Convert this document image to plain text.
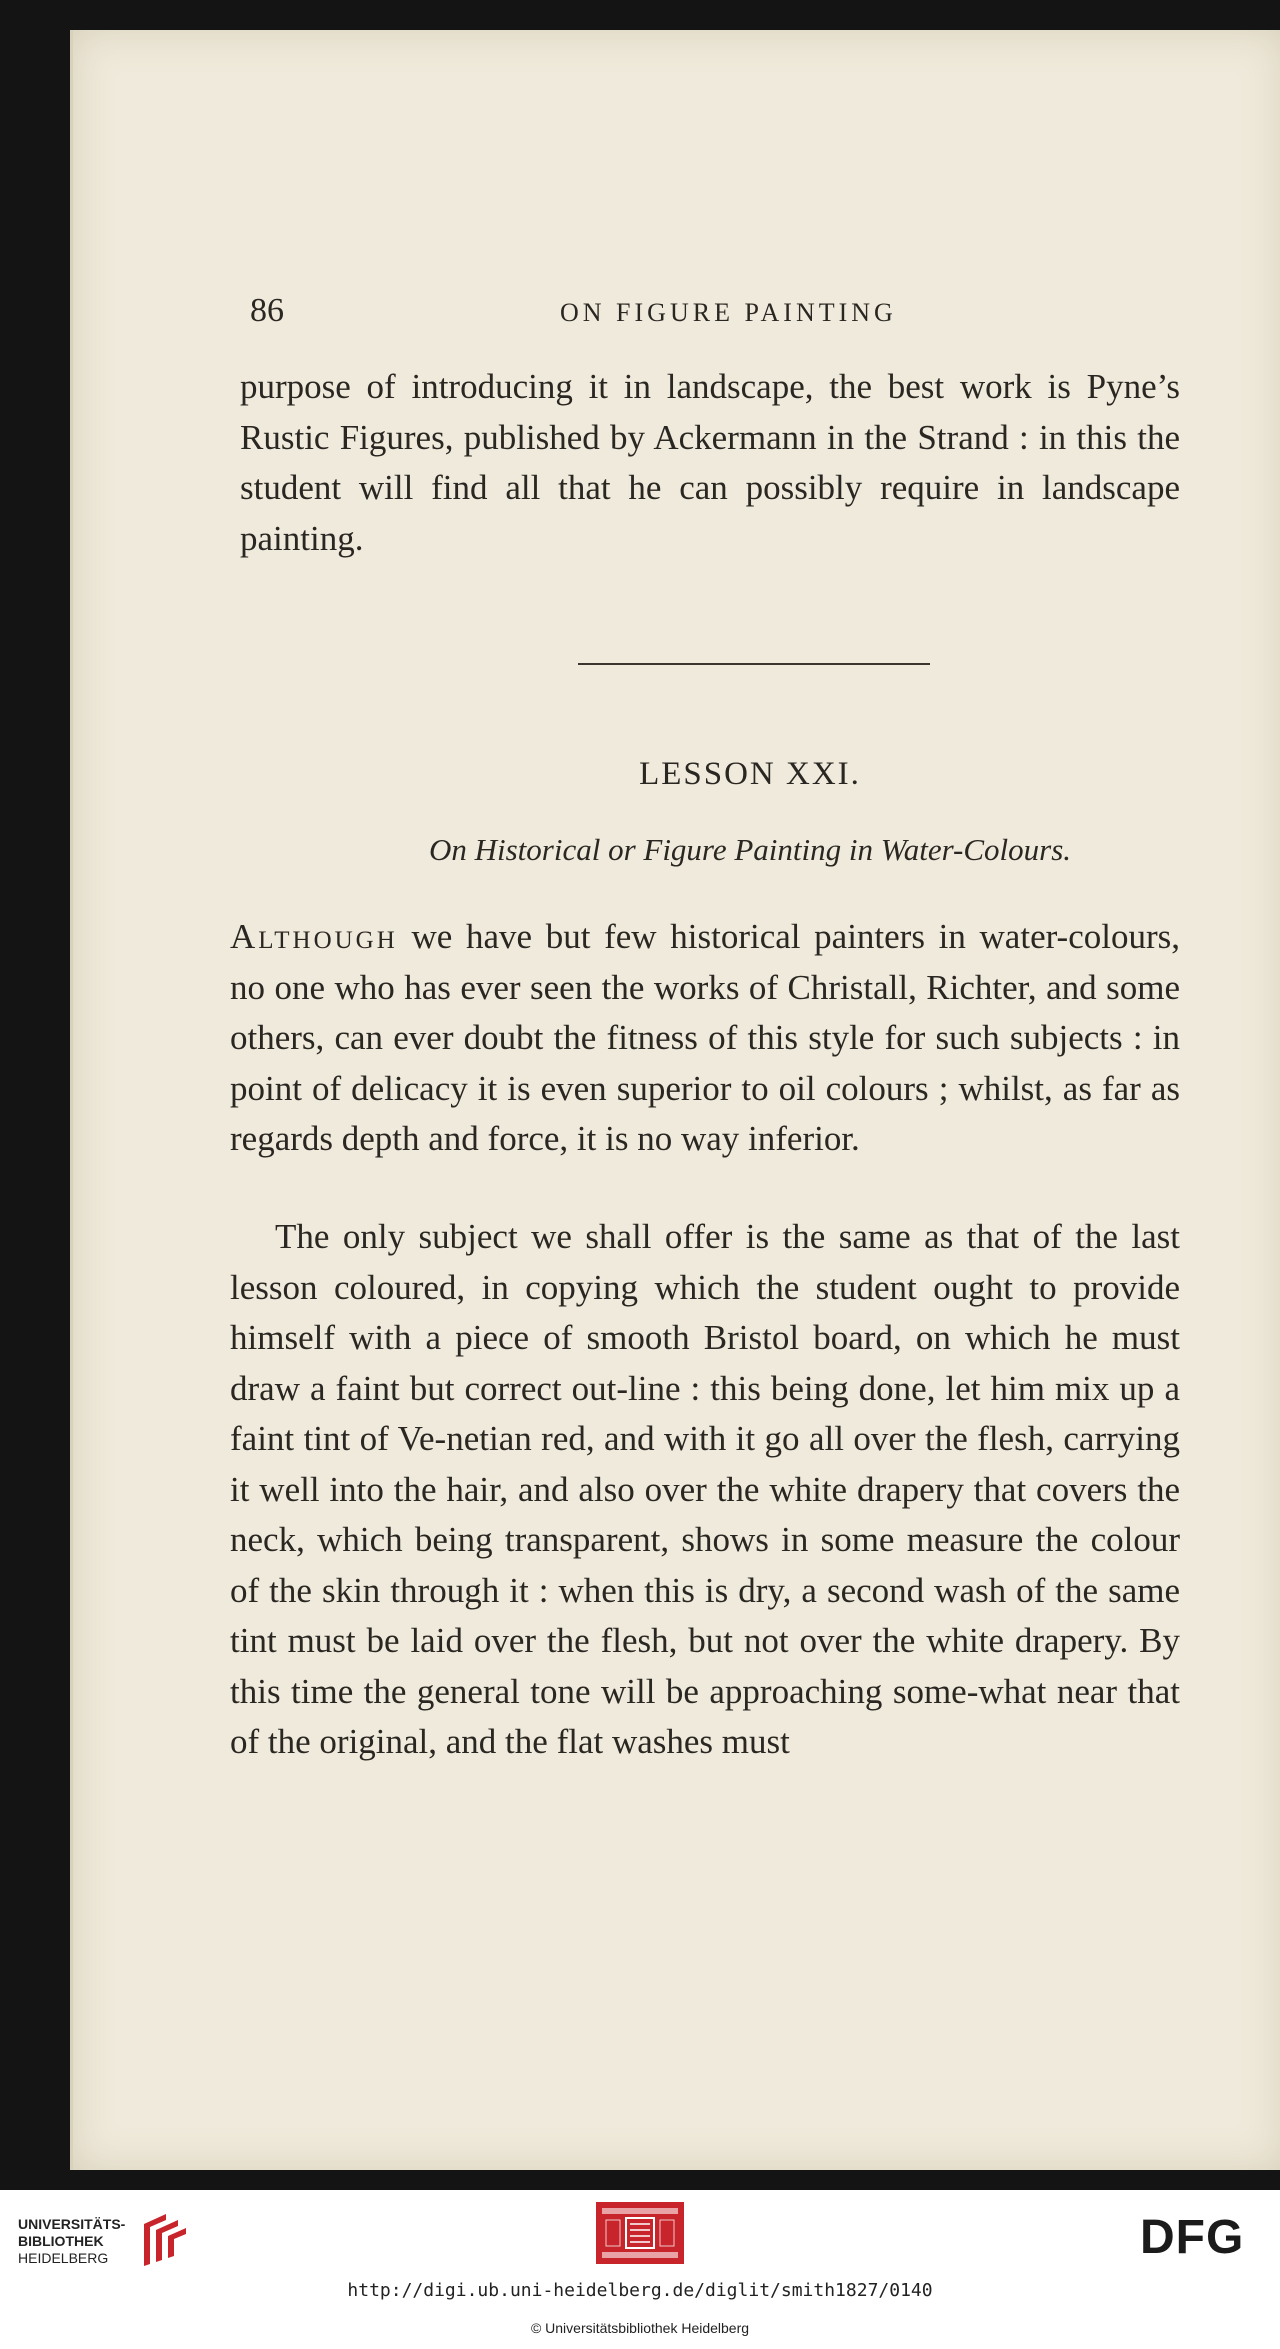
86	ON FIGURE PAINTING

purpose of introducing it in landscape, the best work is Pyne’s Rustic Figures, published by Ackermann in the Strand : in this the student will find all that he can possibly require in landscape painting.

LESSON XXI.
On Historical or Figure Painting in Water-Colours.

Although we have but few historical painters in water-colours, no one who has ever seen the works of Christall, Richter, and some others, can ever doubt the fitness of this style for such subjects : in point of delicacy it is even superior to oil colours ; whilst, as far as regards depth and force, it is no way inferior.

The only subject we shall offer is the same as that of the last lesson coloured, in copying which the student ought to provide himself with a piece of smooth Bristol board, on which he must draw a faint but correct out-line : this being done, let him mix up a faint tint of Ve-netian red, and with it go all over the flesh, carrying it well into the hair, and also over the white drapery that covers the neck, which being transparent, shows in some measure the colour of the skin through it : when this is dry, a second wash of the same tint must be laid over the flesh, but not over the white drapery. By this time the general tone will be approaching some-what near that of the original, and the flat washes must

UNIVERSITÄTS-
BIBLIOTHEK
HEIDELBERG	DFG
http://digi.ub.uni-heidelberg.de/diglit/smith1827/0140
© Universitätsbibliothek Heidelberg
